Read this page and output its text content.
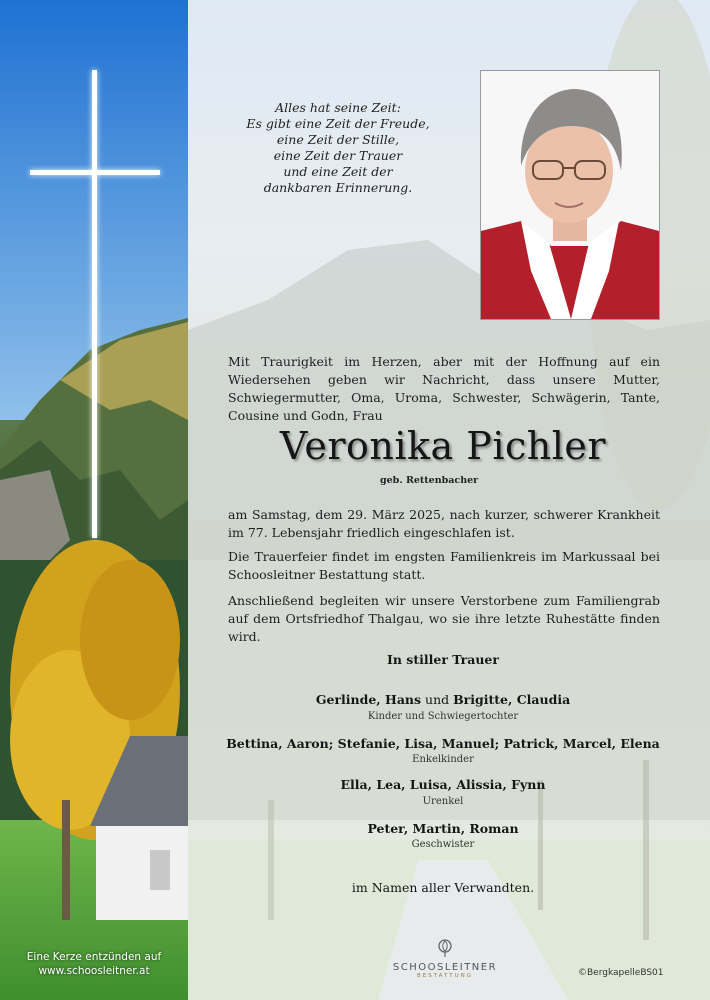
Eine Kerze entzünden auf
www.schoosleitner.at
Alles hat seine Zeit:
Es gibt eine Zeit der Freude,
eine Zeit der Stille,
eine Zeit der Trauer
und eine Zeit der
dankbaren Erinnerung.
Mit Traurigkeit im Herzen, aber mit der Hoffnung auf ein Wiedersehen geben wir Nachricht, dass unsere Mutter, Schwiegermutter, Oma, Uroma, Schwester, Schwägerin, Tante, Cousine und Godn, Frau
Veronika Pichler
geb. Rettenbacher
am Samstag, dem 29. März 2025, nach kurzer, schwerer Krankheit im 77. Lebensjahr friedlich eingeschlafen ist.
Die Trauerfeier findet im engsten Familienkreis im Markussaal bei Schoosleitner Bestattung statt.
Anschließend begleiten wir unsere Verstorbene zum Familiengrab auf dem Ortsfriedhof Thalgau, wo sie ihre letzte Ruhestätte finden wird.
In stiller Trauer
Gerlinde, Hans und Brigitte, Claudia
Kinder und Schwiegertochter
Bettina, Aaron; Stefanie, Lisa, Manuel; Patrick, Marcel, Elena
Enkelkinder
Ella, Lea, Luisa, Alissia, Fynn
Urenkel
Peter, Martin, Roman
Geschwister
im Namen aller Verwandten.
SCHOOSLEITNER
BESTATTUNG	©BergkapelleBS01
